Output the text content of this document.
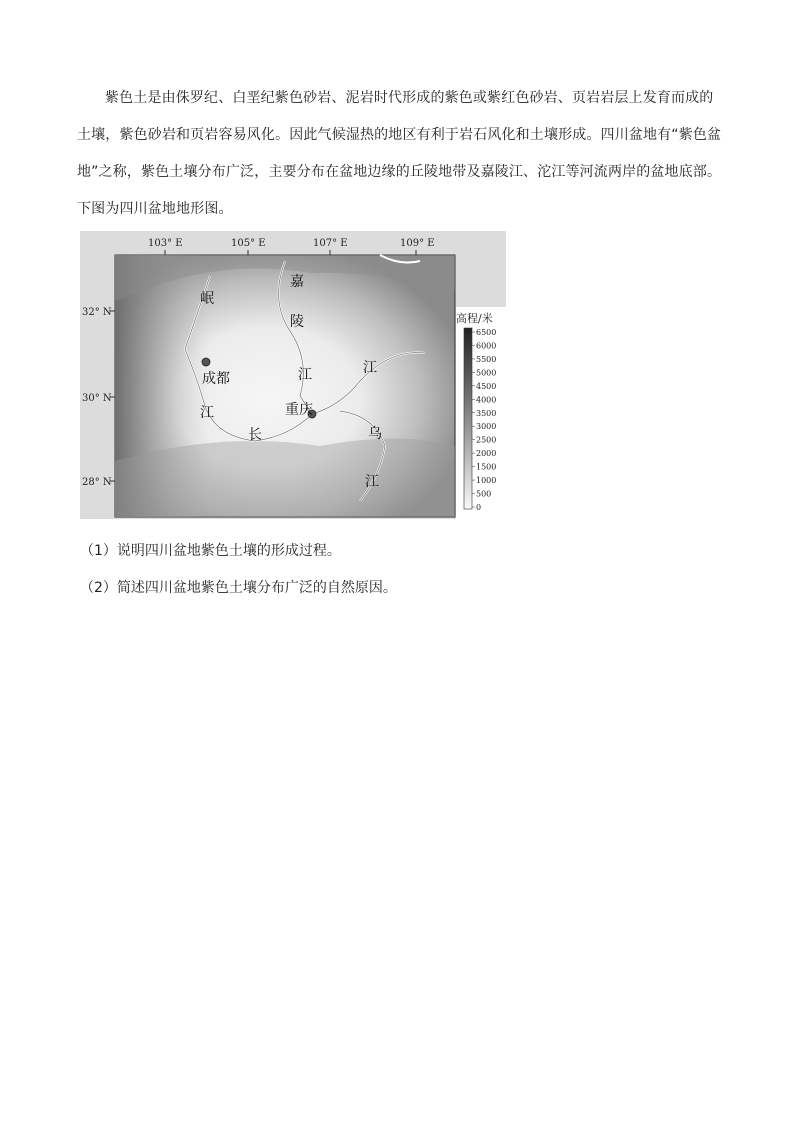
紫色土是由侏罗纪、白垩纪紫色砂岩、泥岩时代形成的紫色或紫红色砂岩、页岩岩层上发育而成的土壤，紫色砂岩和页岩容易风化。因此气候湿热的地区有利于岩石风化和土壤形成。四川盆地有“紫色盆地”之称，紫色土壤分布广泛，主要分布在盆地边缘的丘陵地带及嘉陵江、沱江等河流两岸的盆地底部。下图为四川盆地地形图。

103° E	105° E	107° E	109° E
32° N
30° N
28° N
岷
成都
江
长
重庆
嘉
陵
江	江
乌
江
高程/米
6500
6000
5500
5000
4500
4000
3500
3000
2500
2000
1500
1000
500
0

（1）说明四川盆地紫色土壤的形成过程。

（2）简述四川盆地紫色土壤分布广泛的自然原因。
